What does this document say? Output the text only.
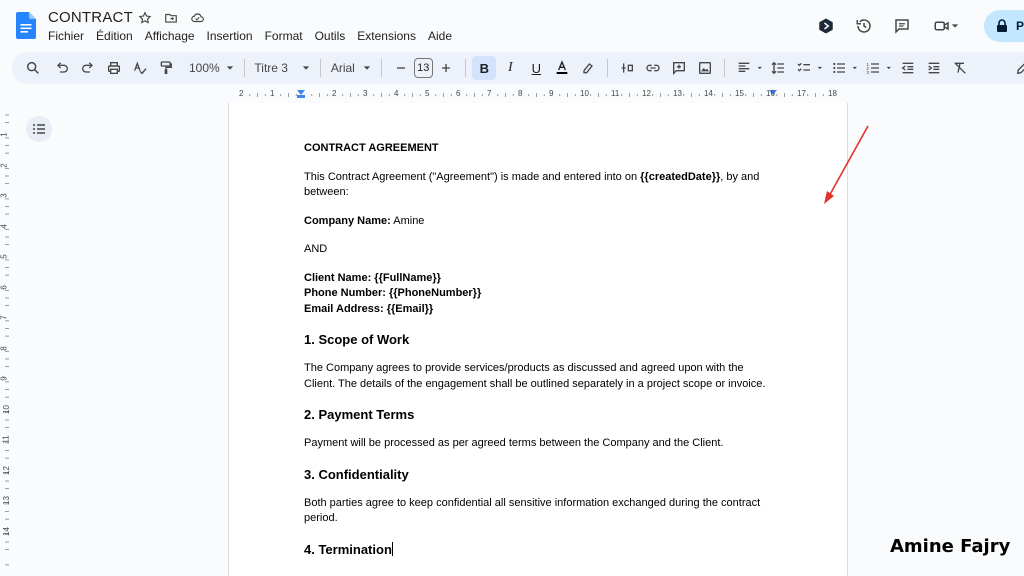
CONTRACT
Fichier Édition Affichage Insertion Format Outils Extensions Aide
P
100%	Titre 3	Arial	13	B	I	U	1
2
3
2	1	2	3	4	5	6	7	8	9	10	11	12	13	14	15	16	17	18
1
2
3
4
5
6
7
8
9
10
11
12
13
14
CONTRACT AGREEMENT
This Contract Agreement ("Agreement") is made and entered into on {{createdDate}}, by and between:
Company Name: Amine
AND
Client Name: {{FullName}}
Phone Number: {{PhoneNumber}}
Email Address: {{Email}}
1. Scope of Work
The Company agrees to provide services/products as discussed and agreed upon with the Client. The details of the engagement shall be outlined separately in a project scope or invoice.
2. Payment Terms
Payment will be processed as per agreed terms between the Company and the Client.
3. Confidentiality
Both parties agree to keep confidential all sensitive information exchanged during the contract period.
4. Termination	Amine Fajry
